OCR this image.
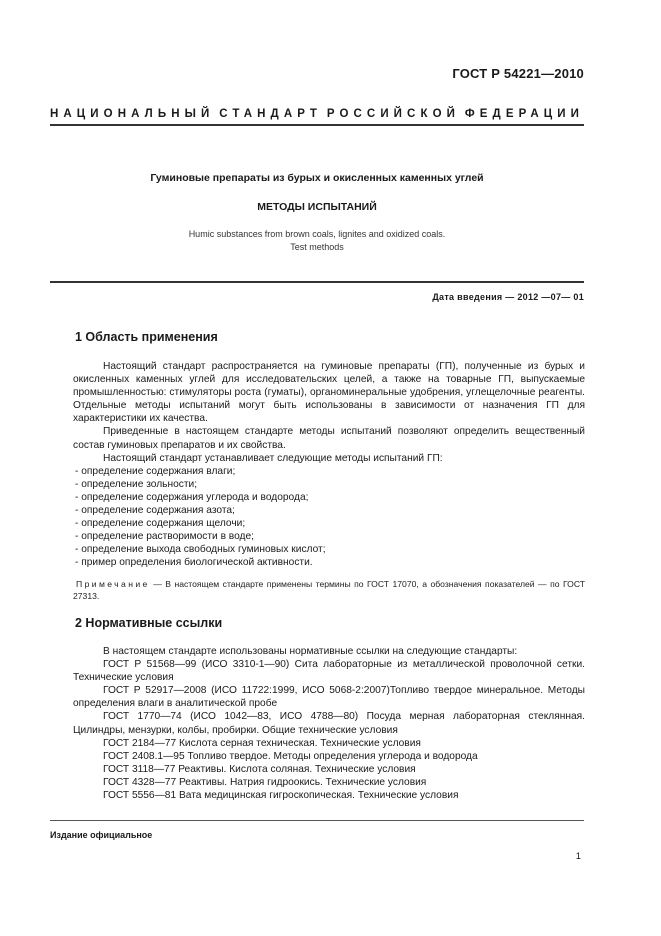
ГОСТ Р 54221—2010
НАЦИОНАЛЬНЫЙ СТАНДАРТ РОССИЙСКОЙ ФЕДЕРАЦИИ
Гуминовые препараты из бурых и окисленных каменных углей
МЕТОДЫ ИСПЫТАНИЙ
Humic substances from brown coals, lignites and oxidized coals.
Test methods
Дата введения — 2012 —07— 01
1 Область применения

Настоящий стандарт распространяется на гуминовые препараты (ГП), полученные из бурых и окисленных каменных углей для исследовательских целей, а также на товарные ГП, выпускаемые промышленностью: стимуляторы роста (гуматы), органоминеральные удобрения, углещелочные реагенты. Отдельные методы испытаний могут быть использованы в зависимости от назначения ГП для характеристики их качества.

Приведенные в настоящем стандарте методы испытаний позволяют определить вещественный состав гуминовых препаратов и их свойства.

Настоящий стандарт устанавливает следующие методы испытаний ГП:

- определение содержания влаги;

- определение зольности;

- определение содержания углерода и водорода;

- определение содержания азота;

- определение содержания щелочи;

- определение растворимости в воде;

- определение выхода свободных гуминовых кислот;

- пример определения биологической активности.

Примечание — В настоящем стандарте применены термины по ГОСТ 17070, а обозначения показателей — по ГОСТ 27313.
2 Нормативные ссылки

В настоящем стандарте использованы нормативные ссылки на следующие стандарты:

ГОСТ Р 51568—99 (ИСО 3310-1—90) Сита лабораторные из металлической проволочной сетки. Технические условия

ГОСТ Р 52917—2008 (ИСО 11722:1999, ИСО 5068-2:2007)Топливо твердое минеральное. Методы определения влаги в аналитической пробе

ГОСТ 1770—74 (ИСО 1042—83, ИСО 4788—80) Посуда мерная лабораторная стеклянная. Цилиндры, мензурки, колбы, пробирки. Общие технические условия

ГОСТ 2184—77 Кислота серная техническая. Технические условия

ГОСТ 2408.1—95 Топливо твердое. Методы определения углерода и водорода

ГОСТ 3118—77 Реактивы. Кислота соляная. Технические условия

ГОСТ 4328—77 Реактивы. Натрия гидроокись. Технические условия

ГОСТ 5556—81 Вата медицинская гигроскопическая. Технические условия

Издание официальное
1
